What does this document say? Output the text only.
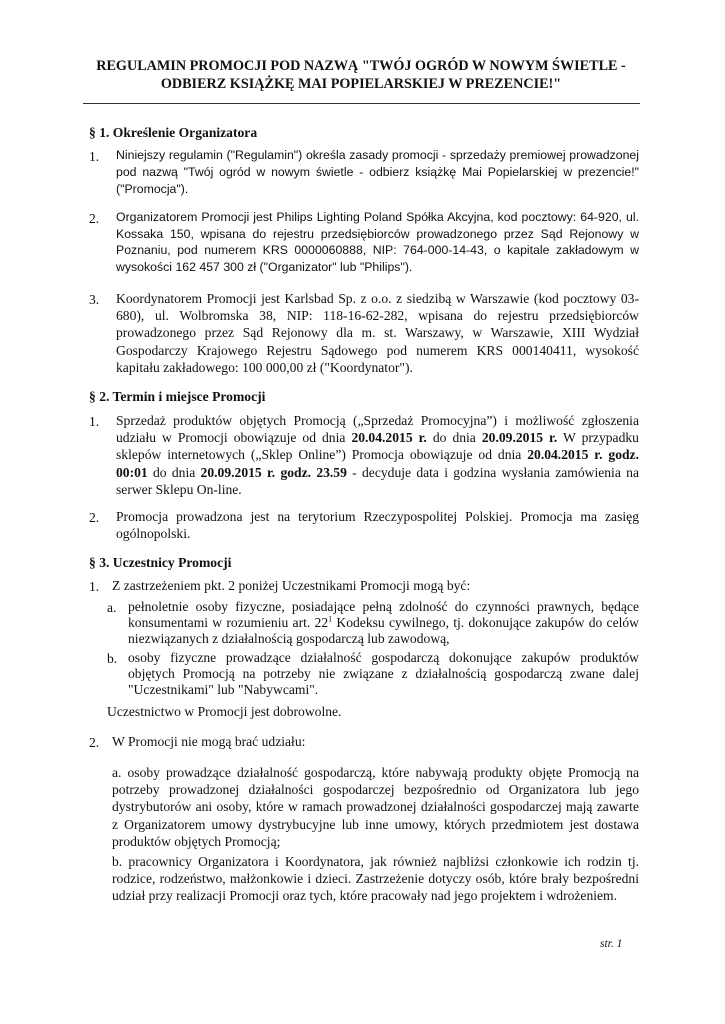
REGULAMIN PROMOCJI POD NAZWĄ "TWÓJ OGRÓD W NOWYM ŚWIETLE -
ODBIERZ KSIĄŻKĘ MAI POPIELARSKIEJ W PREZENCIE!"
§ 1. Określenie Organizatora
1. Niniejszy regulamin ("Regulamin") określa zasady promocji - sprzedaży premiowej prowadzonej pod nazwą "Twój ogród w nowym świetle - odbierz książkę Mai Popielarskiej w prezencie!" ("Promocja").
2. Organizatorem Promocji jest Philips Lighting Poland Spółka Akcyjna, kod pocztowy: 64-920, ul. Kossaka 150, wpisana do rejestru przedsiębiorców prowadzonego przez Sąd Rejonowy w Poznaniu, pod numerem KRS 0000060888, NIP: 764-000-14-43, o kapitale zakładowym w wysokości 162 457 300 zł ("Organizator" lub "Philips").
3. Koordynatorem Promocji jest Karlsbad Sp. z o.o. z siedzibą w Warszawie (kod pocztowy 03-680), ul. Wolbromska 38, NIP: 118-16-62-282, wpisana do rejestru przedsiębiorców prowadzonego przez Sąd Rejonowy dla m. st. Warszawy, w Warszawie, XIII Wydział Gospodarczy Krajowego Rejestru Sądowego pod numerem KRS 000140411, wysokość kapitału zakładowego: 100 000,00 zł ("Koordynator").
§ 2. Termin i miejsce Promocji
1. Sprzedaż produktów objętych Promocją („Sprzedaż Promocyjna”) i możliwość zgłoszenia udziału w Promocji obowiązuje od dnia 20.04.2015 r. do dnia 20.09.2015 r. W przypadku sklepów internetowych („Sklep Online”) Promocja obowiązuje od dnia 20.04.2015 r. godz. 00:01 do dnia 20.09.2015 r. godz. 23.59 - decyduje data i godzina wysłania zamówienia na serwer Sklepu On-line.
2. Promocja prowadzona jest na terytorium Rzeczypospolitej Polskiej. Promocja ma zasięg ogólnopolski.
§ 3. Uczestnicy Promocji
1. Z zastrzeżeniem pkt. 2 poniżej Uczestnikami Promocji mogą być:
a. pełnoletnie osoby fizyczne, posiadające pełną zdolność do czynności prawnych, będące konsumentami w rozumieniu art. $22^1$ Kodeksu cywilnego, tj. dokonujące zakupów do celów niezwiązanych z działalnością gospodarczą lub zawodową,
b. osoby fizyczne prowadzące działalność gospodarczą dokonujące zakupów produktów objętych Promocją na potrzeby nie związane z działalnością gospodarczą zwane dalej "Uczestnikami" lub "Nabywcami".
Uczestnictwo w Promocji jest dobrowolne.
2. W Promocji nie mogą brać udziału:
a. osoby prowadzące działalność gospodarczą, które nabywają produkty objęte Promocją na potrzeby prowadzonej działalności gospodarczej bezpośrednio od Organizatora lub jego dystrybutorów ani osoby, które w ramach prowadzonej działalności gospodarczej mają zawarte z Organizatorem umowy dystrybucyjne lub inne umowy, których przedmiotem jest dostawa produktów objętych Promocją;
b. pracownicy Organizatora i Koordynatora, jak również najbliżsi członkowie ich rodzin tj. rodzice, rodzeństwo, małżonkowie i dzieci. Zastrzeżenie dotyczy osób, które brały bezpośredni udział przy realizacji Promocji oraz tych, które pracowały nad jego projektem i wdrożeniem.
str. 1
